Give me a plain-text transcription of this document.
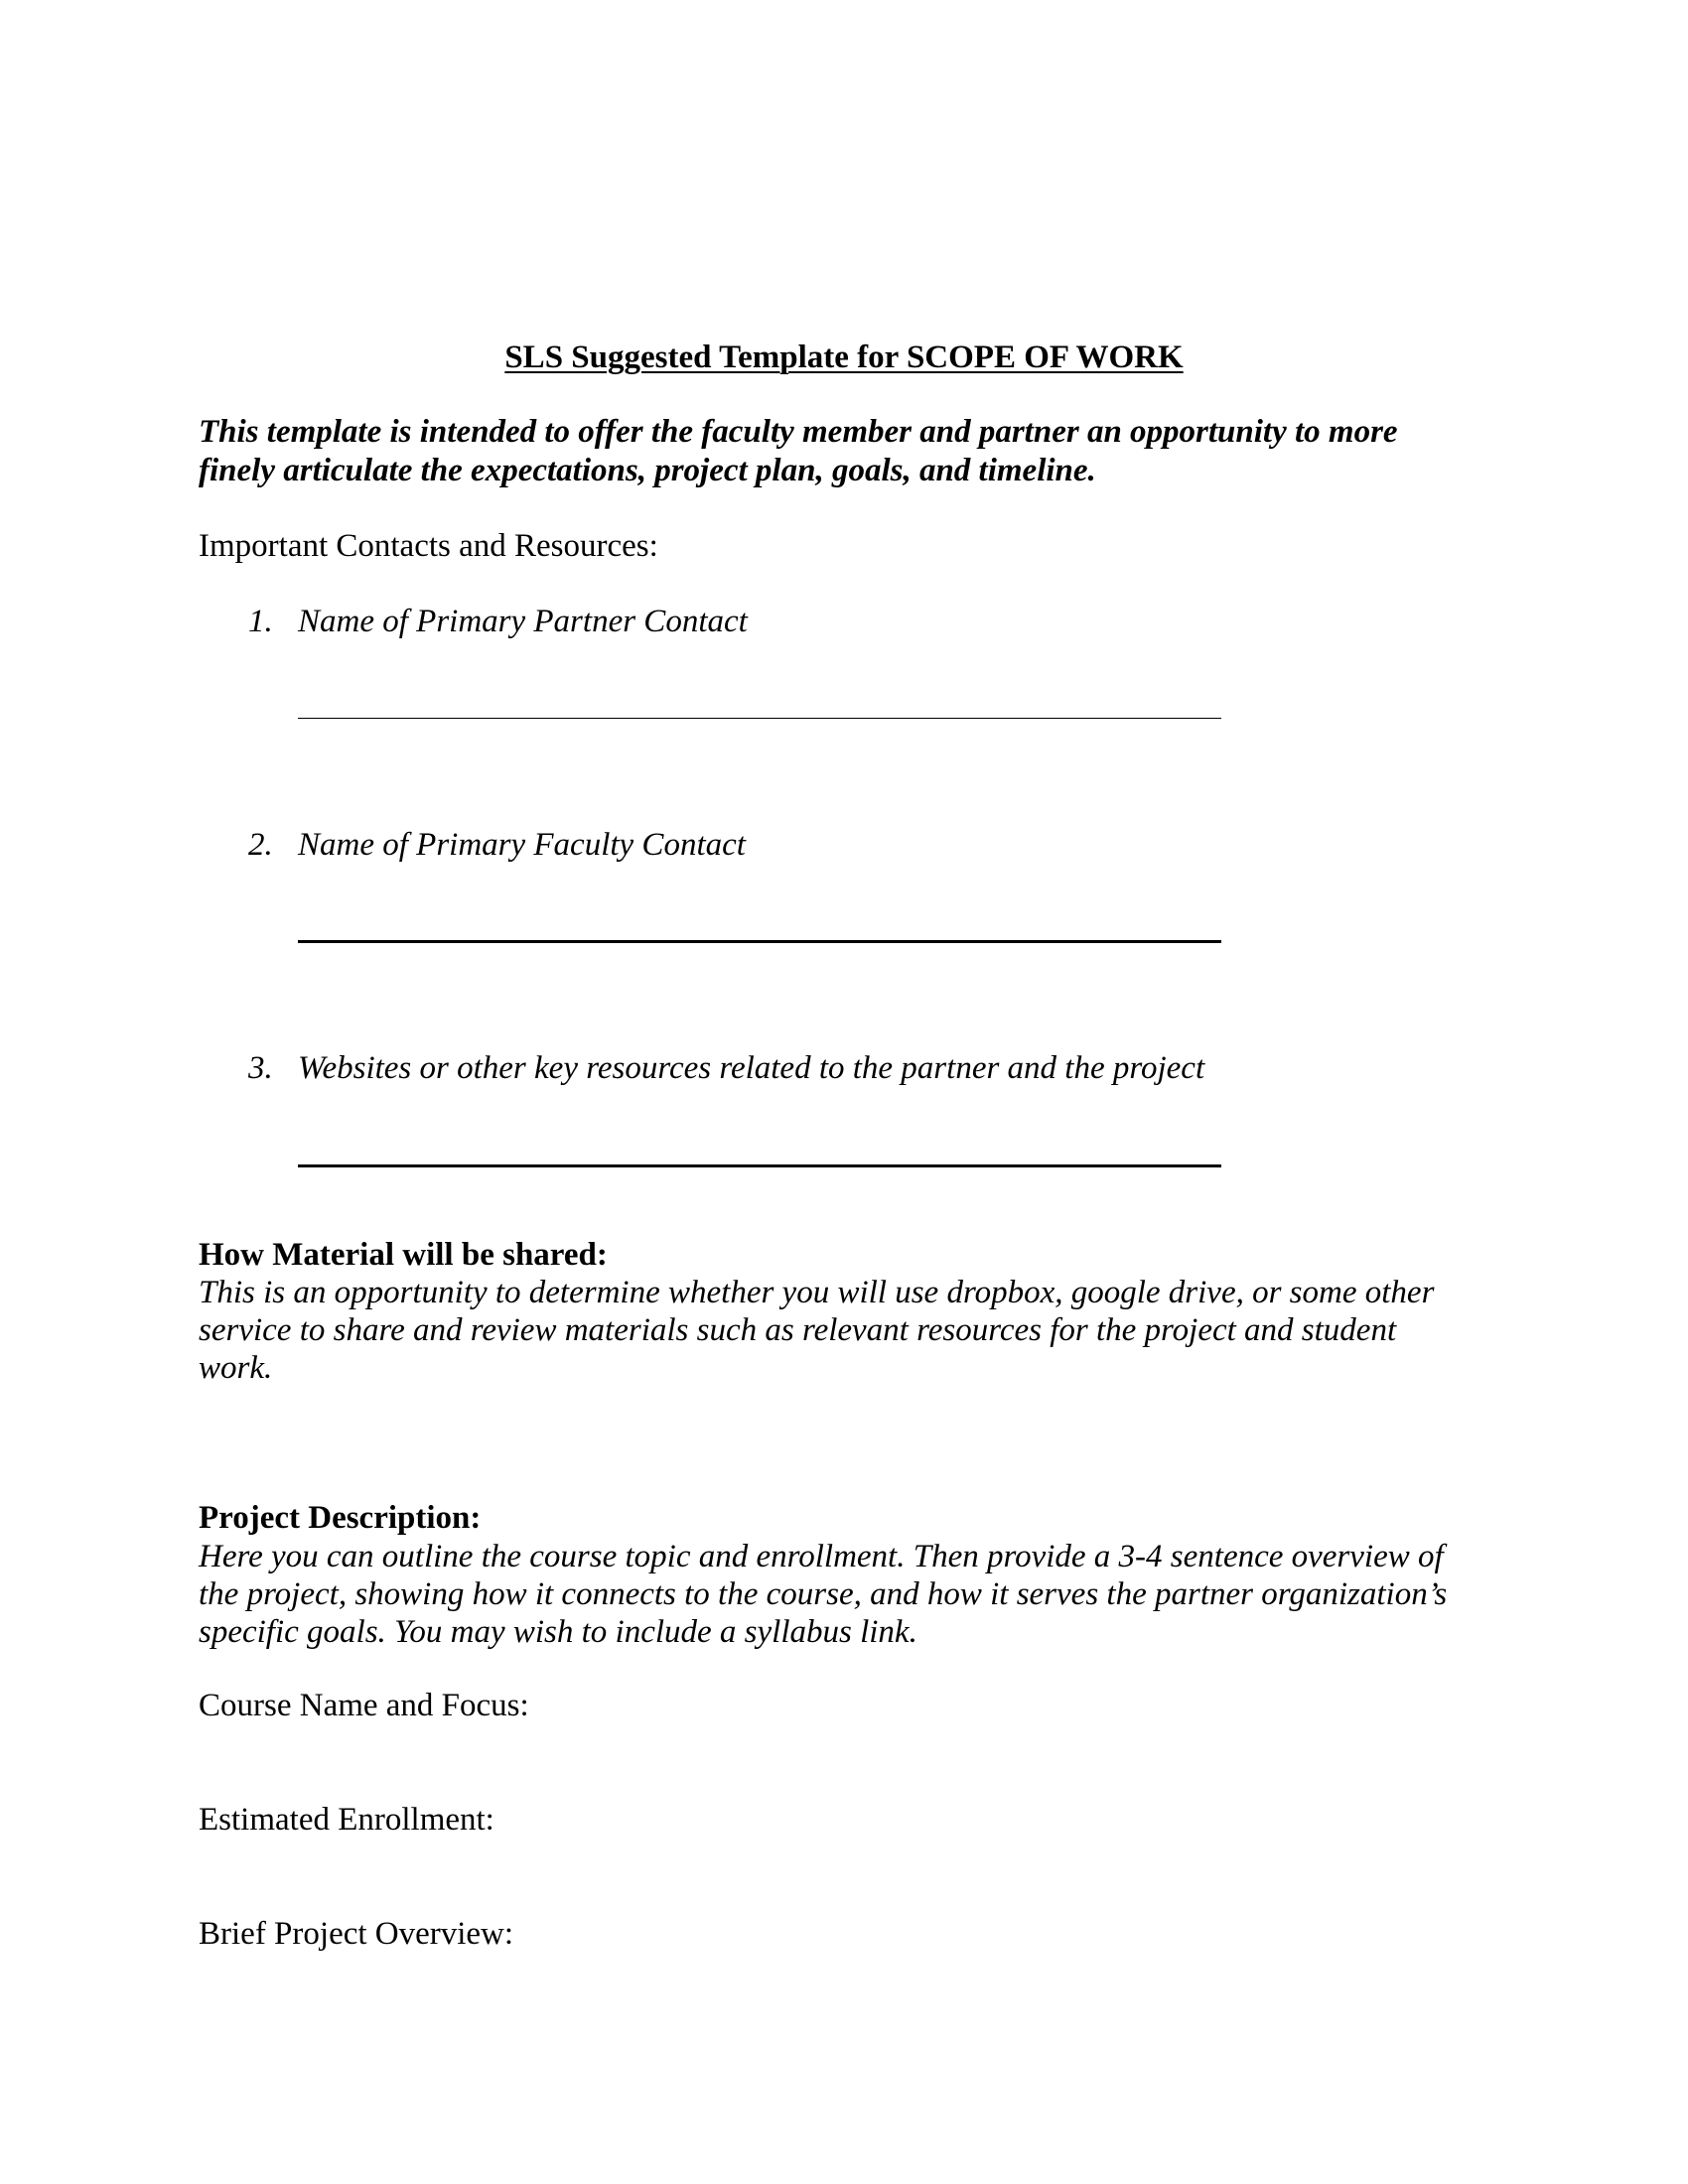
SLS Suggested Template for SCOPE OF WORK
This template is intended to offer the faculty member and partner an opportunity to more finely articulate the expectations, project plan, goals, and timeline.
Important Contacts and Resources:
1. Name of Primary Partner Contact
2. Name of Primary Faculty Contact
3. Websites or other key resources related to the partner and the project
How Material will be shared:
This is an opportunity to determine whether you will use dropbox, google drive, or some other service to share and review materials such as relevant resources for the project and student work.
Project Description:
Here you can outline the course topic and enrollment. Then provide a 3-4 sentence overview of the project, showing how it connects to the course, and how it serves the partner organization’s specific goals. You may wish to include a syllabus link.
Course Name and Focus:
Estimated Enrollment:
Brief Project Overview:
